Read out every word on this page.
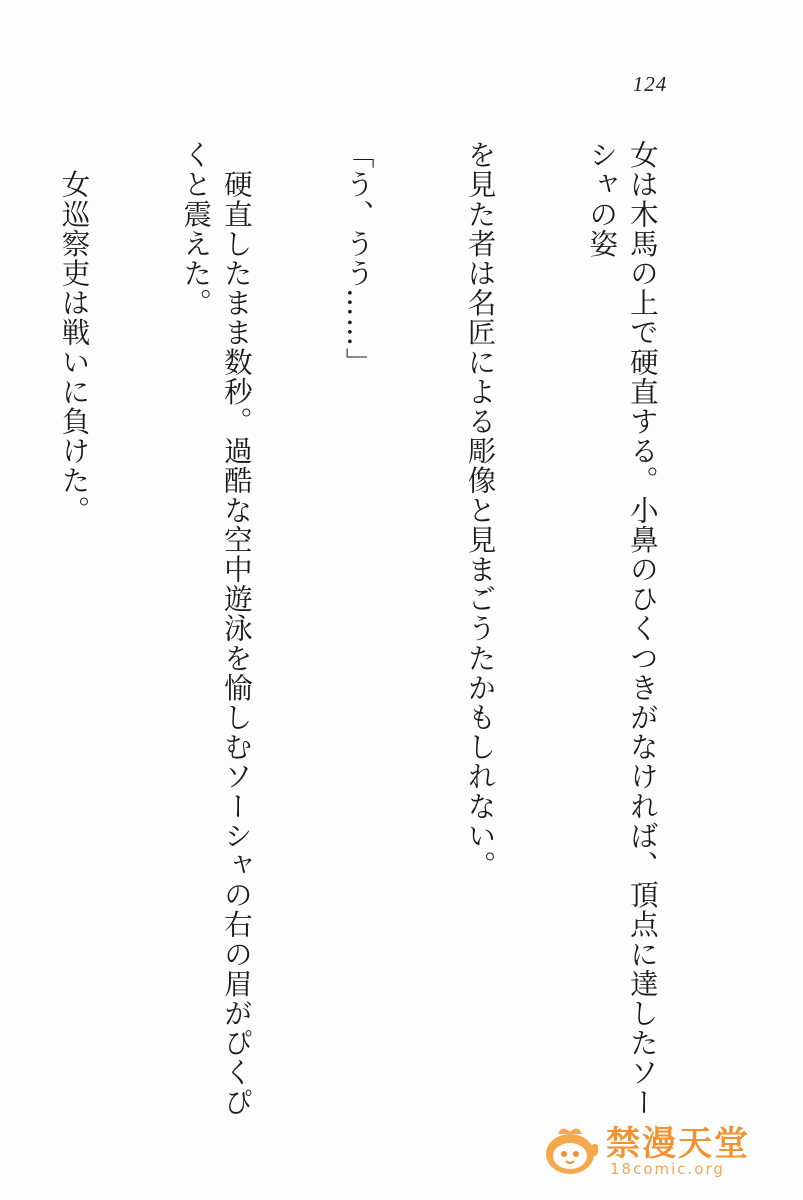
124

女は木馬の上で硬直する。小鼻のひくつきがなければ、頂点に達したソーシャの姿

を見た者は名匠による彫像と見まごうたかもしれない。

「う、うう……」

　硬直したまま数秒。過酷な空中遊泳を愉しむソーシャの右の眉がぴくぴくと震えた。

　女巡察吏は戦いに負けた。

禁漫天堂
18comic.org
